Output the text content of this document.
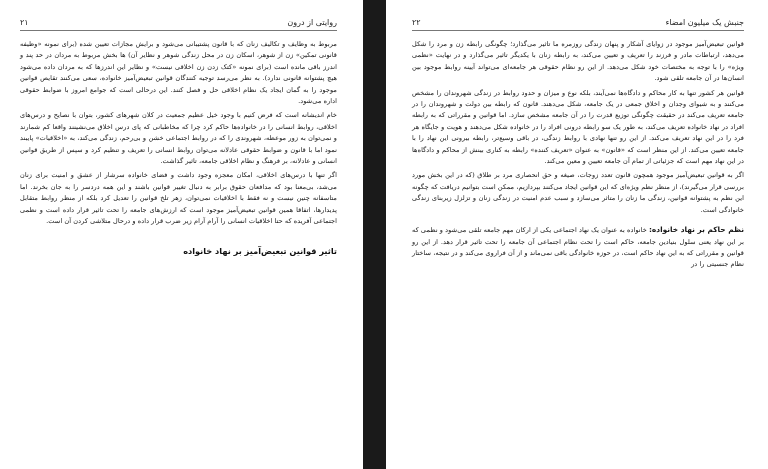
روایتی از درون
۲۱

مربوط به وظایف و تکالیف زنان که با قانون پشتیبانی می‌شود و برایش مجازات تعیین شده (برای نمونه «وظیفه قانونی تمکین» زن از شوهر، اسکان زن در محل زندگی شوهر و نظایر آن) ها بخش مربوط به مردان در حد پند و اندرز باقی مانده است (برای نمونه «کتک زدن زن اخلاقی نیست» و نظایر این اندرزها که به مردان داده می‌شود هیچ پشتوانه قانونی ندارد). به نظر می‌رسد توجیه کنندگان قوانین تبعیض‌آمیز خانواده، سعی می‌کنند تقایص قوانین موجود را به گمان ایجاد یک نظام اخلاقی حل و فصل کنند. این درحالی است که جوامع امروز با ضوابط حقوقی اداره می‌شود.

خام اندیشانه است که فرض کنیم با وجود خیل عظیم جمعیت در کلان شهرهای کشور، بتوان با نصایح و درس‌های اخلاقی، روابط انسانی را در خانواده‌ها حاکم کرد چرا که مخاطبانی که پای درس اخلاق می‌نشینند واقعا کم شمارند و نمی‌توان به زور موعظه، شهروندی را که در روابط اجتماعی خشن و بی‌رحم، زندگی می‌کند، به «اخلاقیات» پایبند نمود اما با قانون و ضوابط حقوقی عادلانه می‌توان روابط انسانی را تعریف و تنظیم کرد و سپس از طریق قوانین انسانی و عادلانه، بر فرهنگ و نظام اخلاقی جامعه، تاثیر گذاشت.

اگر تنها با درس‌های اخلاقی، امکان معجزه وجود داشت و فضای خانواده سرشار از عشق و امنیت برای زنان می‌شد، بی‌معنا بود که مدافعان حقوق برابر به دنبال تغییر قوانین باشند و این همه دردسر را به جان بخرند. اما متاسفانه چنین نیست و نه فقط با اخلاقیات نمی‌توان، زهر تلخ قوانین را تعدیل کرد بلکه از منظر روابط متقابل پدیدارها، اتفاقا همین قوانین تبعیض‌آمیز موجود است که ارزش‌های جامعه را تحت تاثیر قرار داده است و نظمی اجتماعی آفریده که حتا اخلاقیات انسانی را آرام آرام زیر ضرب قرار داده و درحال متلاشی کردن آن است.

تاثیر قوانین تبعیض‌آمیز بر نهاد خانواده
جنبش یک میلیون امضاء
۲۲

قوانین تبعیض‌آمیز موجود در زوایای آشکار و پنهان زندگی روزمره ما تاثیر می‌گذارد؛ چگونگی رابطه زن و مرد را شکل می‌دهد، ارتباطات مادر و فرزند را تعریف و تعیین می‌کند، به رابطه زنان با یکدیگر تاثیر می‌گذارد و در نهایت «نظمی ویژه» را با توجه به مختصات خود شکل می‌دهد. از این رو نظام حقوقی هر جامعه‌ای می‌تواند آیینه روابط موجود بین انسان‌ها در آن جامعه تلقی شود.

قوانین هر کشور تنها به کار محاکم و دادگاه‌ها نمی‌آیند، بلکه نوع و میزان و حدود روابط در زندگی شهروندان را مشخص می‌کنند و به شیوای وجدان و اخلاق جمعی در یک جامعه، شکل می‌دهند. قانون که رابطه بین دولت و شهروندان را در جامعه تعریف می‌کند در حقیقت چگونگی توزیع قدرت را در آن جامعه مشخص سازد. اما قوانین و مقرراتی که به رابطه افراد در نهاد خانواده تعریف می‌کند، به طور یک سو رابطه درونی افراد را در خانواده شکل می‌دهند و هویت و جایگاه هر فرد را در این نهاد تعریف می‌کند. از این رو تنها نهادی با روابط زندگی، در باقی وسیع‌تر، رابطه بیرونی این نهاد را با جامعه تعیین می‌کند. از این منظر است که «قانون» به عنوان «تعریف کننده» رابطه به کناری بینش از محاکم و دادگاه‌ها در این نهاد مهم است که جزئیاتی از تمام آن جامعه تعیین و معین می‌کند.

اگر به قوانین تبعیض‌آمیز موجود همچون قانون تعدد زوجات، صیغه و حق انحصاری مرد بر طلاق (که در این بخش مورد بررسی قرار می‌گیرند)، از منظر نظم ویژه‌ای که این قوانین ایجاد می‌کنند بپردازیم، ممکن است بتوانیم دریافت که چگونه این نظم به پشتوانه قوانین، زندگی ما زنان را متاثر می‌سازد و سبب عدم امنیت در زندگی زنان و تزلزل زیربنای زندگی خانوادگی است.

نظم حاکم بر نهاد خانواده: خانواده به عنوان یک نهاد اجتماعی یکی از ارکان مهم جامعه تلقی می‌شود و نظمی که بر این نهاد یعنی سلول بنیادین جامعه، حاکم است را تحت نظام اجتماعی آن جامعه را تحت تاثیر قرار دهد. از این رو قوانین و مقرراتی که به این نهاد حاکم است، در حوزه خانوادگی باقی نمی‌ماند و از آن فراروی می‌کند و در نتیجه، ساختار نظام جنسیتی را در
